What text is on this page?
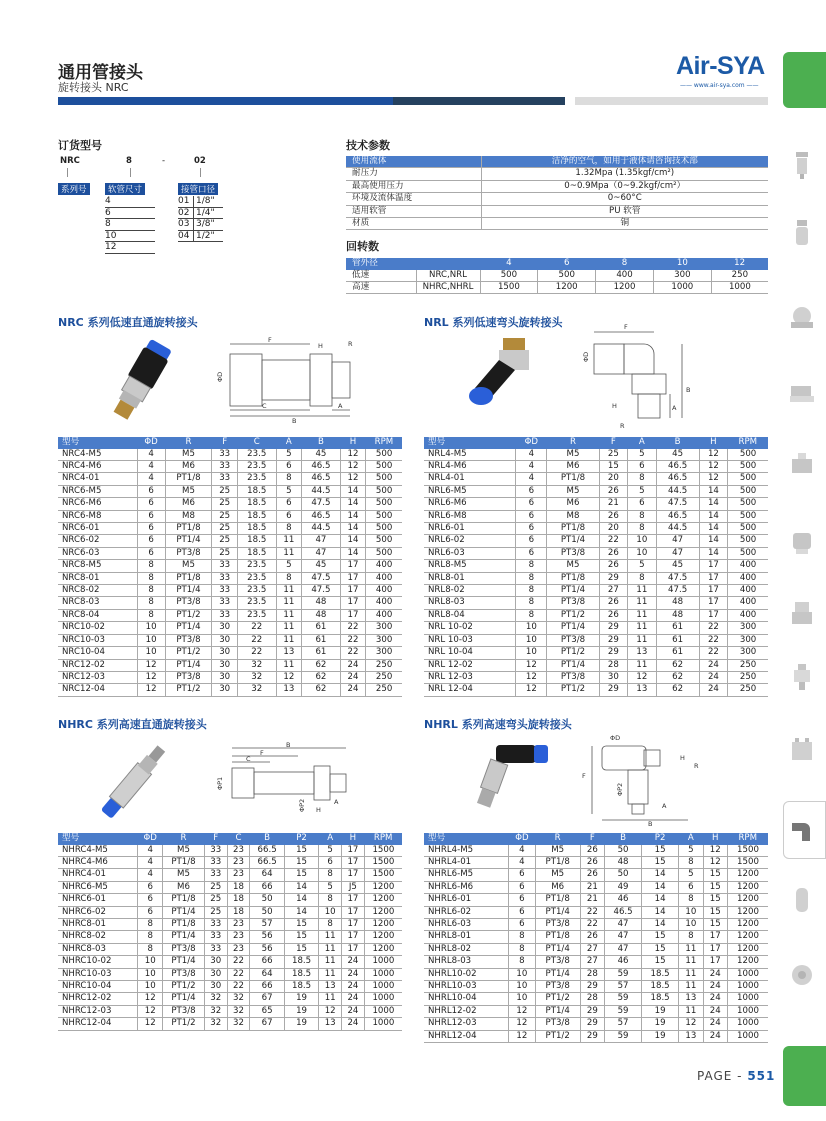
通用管接头
旋转接头 NRC
Air-SYA
—— www.air-sya.com ——
订货型号
NRC	8	-	02
|	|	|
系列号	软管尺寸	接管口径
4
6
8
10
12
01 1/8"
02 1/4"
03 3/8"
04 1/2"
技术参数
使用流体	洁净的空气，如用于液体请咨询技术部
耐压力	1.32Mpa (1.35kgf/cm²)
最高使用压力	0~0.9Mpa（0~9.2kgf/cm²）
环境及流体温度	0~60°C
适用软管	PU 软管
材质	铜
回转数
管外径		4	6	8	10	12
低速	NRC,NRL	500	500	400	300	250
高速	NHRC,NHRL	1500	1200	1200	1000	1000
NRC 系列低速直通旋转接头	NRL 系列低速弯头旋转接头
NHRC 系列高速直通旋转接头	NHRL 系列高速弯头旋转接头
F
H	R
C
B
A
ΦD
F
B
A
H
R
ΦD
B
F
C
A
H
ΦP1
ΦP2
ΦD
H
R
F
A
B
ΦP2
型号	ΦD	R	F	C	A	B	H	RPM
NRC4-M5	4	M5	33	23.5	5	45	12	500
NRC4-M6	4	M6	33	23.5	6	46.5	12	500
NRC4-01	4	PT1/8	33	23.5	8	46.5	12	500
NRC6-M5	6	M5	25	18.5	5	44.5	14	500
NRC6-M6	6	M6	25	18.5	6	47.5	14	500
NRC6-M8	6	M8	25	18.5	6	46.5	14	500
NRC6-01	6	PT1/8	25	18.5	8	44.5	14	500
NRC6-02	6	PT1/4	25	18.5	11	47	14	500
NRC6-03	6	PT3/8	25	18.5	11	47	14	500
NRC8-M5	8	M5	33	23.5	5	45	17	400
NRC8-01	8	PT1/8	33	23.5	8	47.5	17	400
NRC8-02	8	PT1/4	33	23.5	11	47.5	17	400
NRC8-03	8	PT3/8	33	23.5	11	48	17	400
NRC8-04	8	PT1/2	33	23.5	11	48	17	400
NRC10-02	10	PT1/4	30	22	11	61	22	300
NRC10-03	10	PT3/8	30	22	11	61	22	300
NRC10-04	10	PT1/2	30	22	13	61	22	300
NRC12-02	12	PT1/4	30	32	11	62	24	250
NRC12-03	12	PT3/8	30	32	12	62	24	250
NRC12-04	12	PT1/2	30	32	13	62	24	250
型号	ΦD	R	F	A	B	H	RPM
NRL4-M5	4	M5	25	5	45	12	500
NRL4-M6	4	M6	15	6	46.5	12	500
NRL4-01	4	PT1/8	20	8	46.5	12	500
NRL6-M5	6	M5	26	5	44.5	14	500
NRL6-M6	6	M6	21	6	47.5	14	500
NRL6-M8	6	M8	26	8	46.5	14	500
NRL6-01	6	PT1/8	20	8	44.5	14	500
NRL6-02	6	PT1/4	22	10	47	14	500
NRL6-03	6	PT3/8	26	10	47	14	500
NRL8-M5	8	M5	26	5	45	17	400
NRL8-01	8	PT1/8	29	8	47.5	17	400
NRL8-02	8	PT1/4	27	11	47.5	17	400
NRL8-03	8	PT3/8	26	11	48	17	400
NRL8-04	8	PT1/2	26	11	48	17	400
NRL 10-02	10	PT1/4	29	11	61	22	300
NRL 10-03	10	PT3/8	29	11	61	22	300
NRL 10-04	10	PT1/2	29	13	61	22	300
NRL 12-02	12	PT1/4	28	11	62	24	250
NRL 12-03	12	PT3/8	30	12	62	24	250
NRL 12-04	12	PT1/2	29	13	62	24	250
型号	ΦD	R	F	C	B	P2	A	H	RPM
NHRC4-M5	4	M5	33	23	66.5	15	5	17	1500
NHRC4-M6	4	PT1/8	33	23	66.5	15	6	17	1500
NHRC4-01	4	M5	33	23	64	15	8	17	1500
NHRC6-M5	6	M6	25	18	66	14	5	J5	1200
NHRC6-01	6	PT1/8	25	18	50	14	8	17	1200
NHRC6-02	6	PT1/4	25	18	50	14	10	17	1200
NHRC8-01	8	PT1/8	33	23	57	15	8	17	1200
NHRC8-02	8	PT1/4	33	23	56	15	11	17	1200
NHRC8-03	8	PT3/8	33	23	56	15	11	17	1200
NHRC10-02	10	PT1/4	30	22	66	18.5	11	24	1000
NHRC10-03	10	PT3/8	30	22	64	18.5	11	24	1000
NHRC10-04	10	PT1/2	30	22	66	18.5	13	24	1000
NHRC12-02	12	PT1/4	32	32	67	19	11	24	1000
NHRC12-03	12	PT3/8	32	32	65	19	12	24	1000
NHRC12-04	12	PT1/2	32	32	67	19	13	24	1000
型号	ΦD	R	F	B	P2	A	H	RPM
NHRL4-M5	4	M5	26	50	15	5	12	1500
NHRL4-01	4	PT1/8	26	48	15	8	12	1500
NHRL6-M5	6	M5	26	50	14	5	15	1200
NHRL6-M6	6	M6	21	49	14	6	15	1200
NHRL6-01	6	PT1/8	21	46	14	8	15	1200
NHRL6-02	6	PT1/4	22	46.5	14	10	15	1200
NHRL6-03	6	PT3/8	22	47	14	10	15	1200
NHRL8-01	8	PT1/8	26	47	15	8	17	1200
NHRL8-02	8	PT1/4	27	47	15	11	17	1200
NHRL8-03	8	PT3/8	27	46	15	11	17	1200
NHRL10-02	10	PT1/4	28	59	18.5	11	24	1000
NHRL10-03	10	PT3/8	29	57	18.5	11	24	1000
NHRL10-04	10	PT1/2	28	59	18.5	13	24	1000
NHRL12-02	12	PT1/4	29	59	19	11	24	1000
NHRL12-03	12	PT3/8	29	57	19	12	24	1000
NHRL12-04	12	PT1/2	29	59	19	13	24	1000
PAGE - 551
